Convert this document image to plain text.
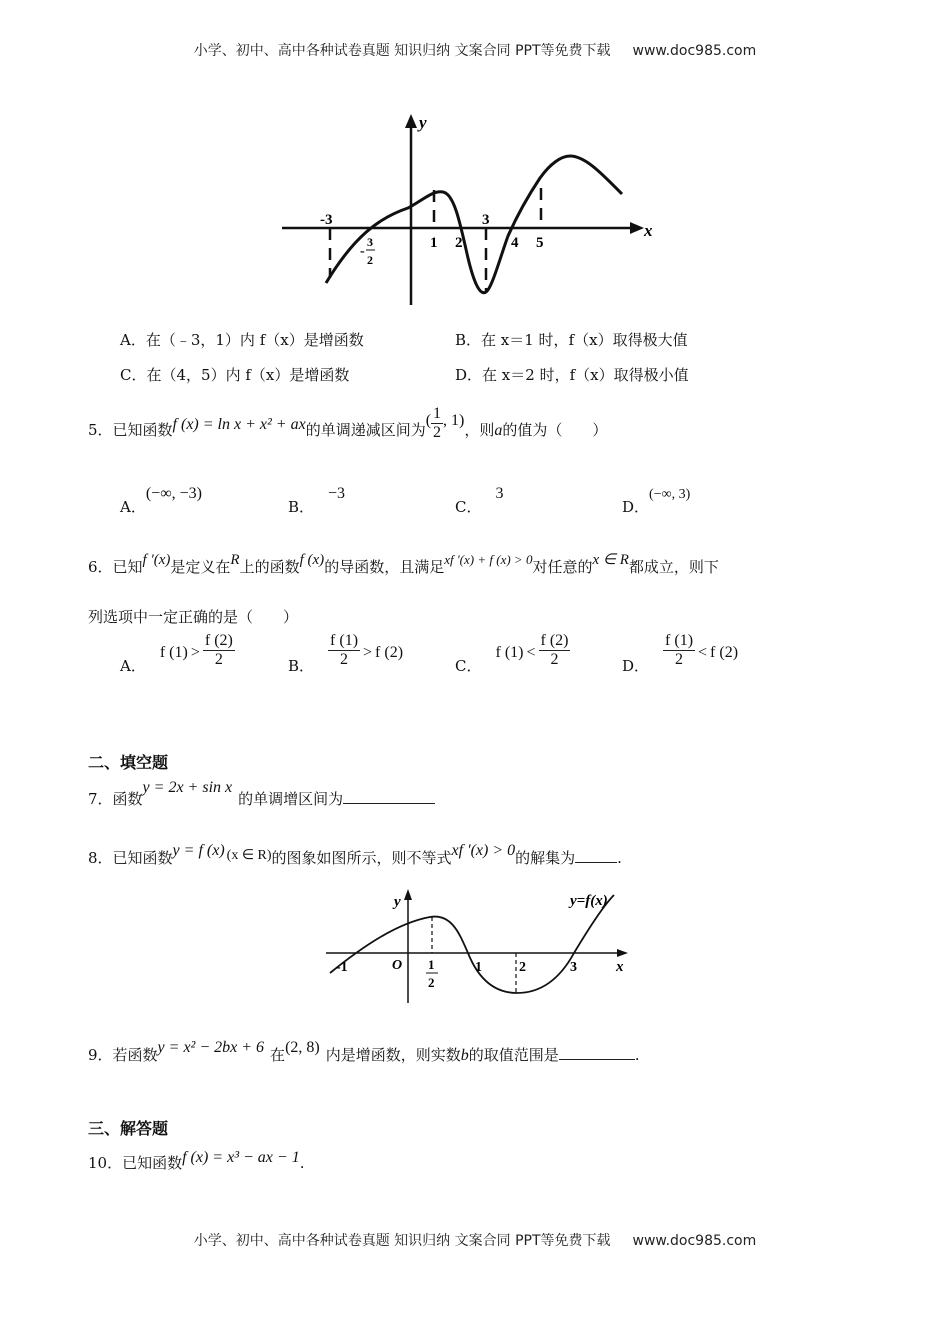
小学、初中、高中各种试卷真题 知识归纳 文案合同 PPT等免费下载 www.doc985.com
x
y
-3
-
3
2
1 2
3
4 5
A．在（﹣3，1）内 f（x）是增函数	B．在 x＝1 时，f（x）取得极大值
C．在（4，5）内 f（x）是增函数	D．在 x＝2 时，f（x）取得极小值
5．已知函数f (x) = ln x + x² + ax的单调递减区间为( $\frac{1}{2}$ , 1)，则a的值为（　　）
A．(−∞, −3)
B．−3
C．3
D．(−∞, 3)
6．已知f ′(x)是定义在R上的函数f (x)的导函数，且满足xf ′(x) + f (x) > 0对任意的x ∈ R都成立，则下
列选项中一定正确的是（　　）
A．f $(1) > \frac{f (2)}{2}$	B． $\frac{f (1)}{2} > f$ (2)
C．f $(1) < \frac{f (2)}{2}$	D． $\frac{f (1)}{2} < f$ (2)
二、填空题
7．函数y = 2x + sin x的单调增区间为
8．已知函数y = f (x) (x ∈ R)的图象如图所示，则不等式xf ′(x) > 0的解集为	.
y
x
y=f(x)
O
-1	1
2
1	2	3
9．若函数y = x² − 2bx + 6 在(2, 8) 内是增函数，则实数b的取值范围是	.
三、解答题
10．已知函数f (x) = x³ − ax − 1.
小学、初中、高中各种试卷真题 知识归纳 文案合同 PPT等免费下载 www.doc985.com
